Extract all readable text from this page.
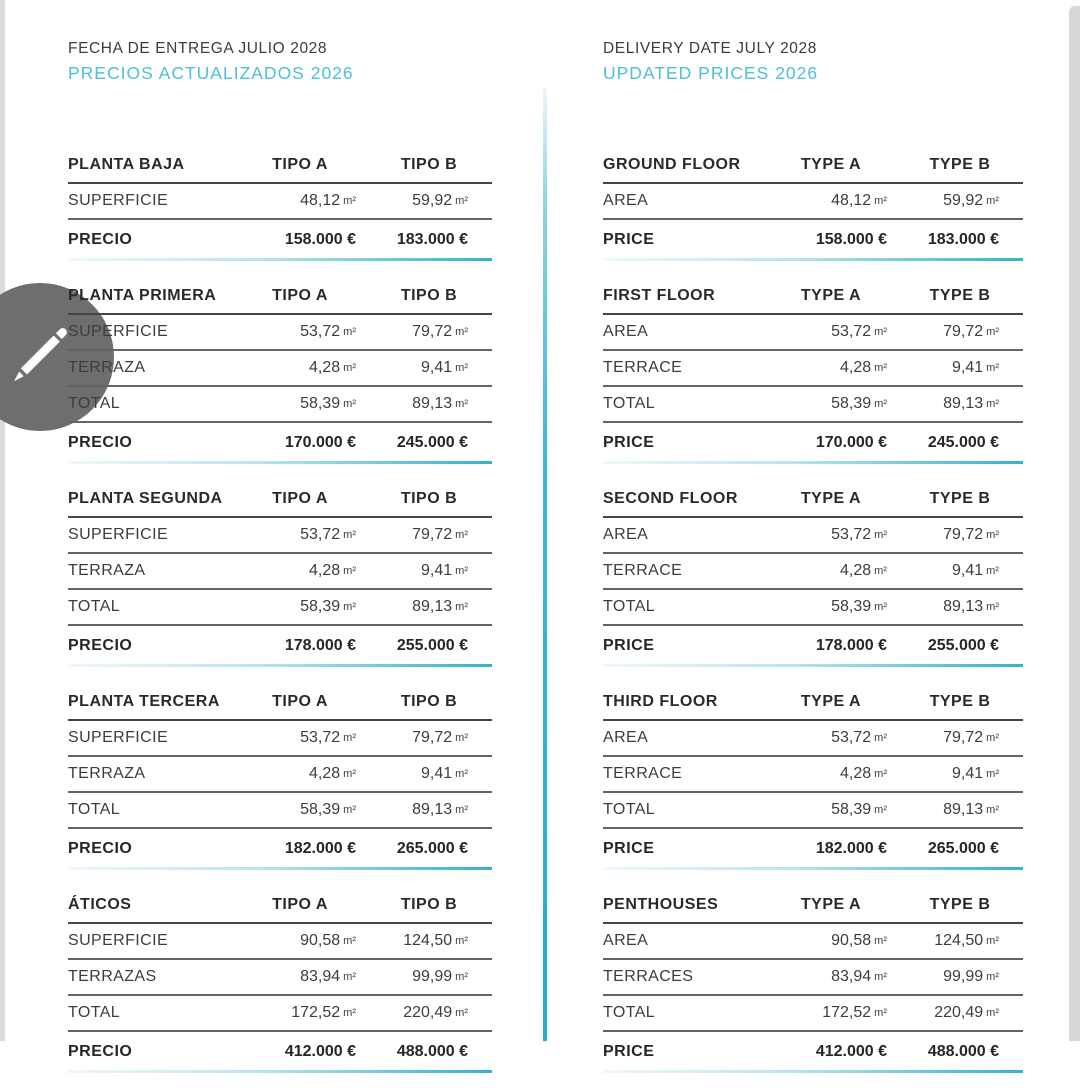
FECHA DE ENTREGA JULIO 2028
PRECIOS ACTUALIZADOS 2026
PLANTA BAJA	TIPO A	TIPO B
SUPERFICIE	48,12 m²	59,92 m²
PRECIO	158.000 €	183.000 €
PLANTA PRIMERA	TIPO A	TIPO B
SUPERFICIE	53,72 m²	79,72 m²
TERRAZA	4,28 m²	9,41 m²
TOTAL	58,39 m²	89,13 m²
PRECIO	170.000 €	245.000 €
PLANTA SEGUNDA	TIPO A	TIPO B
SUPERFICIE	53,72 m²	79,72 m²
TERRAZA	4,28 m²	9,41 m²
TOTAL	58,39 m²	89,13 m²
PRECIO	178.000 €	255.000 €
PLANTA TERCERA	TIPO A	TIPO B
SUPERFICIE	53,72 m²	79,72 m²
TERRAZA	4,28 m²	9,41 m²
TOTAL	58,39 m²	89,13 m²
PRECIO	182.000 €	265.000 €
ÁTICOS	TIPO A	TIPO B
SUPERFICIE	90,58 m²	124,50 m²
TERRAZAS	83,94 m²	99,99 m²
TOTAL	172,52 m²	220,49 m²
PRECIO	412.000 €	488.000 €
DELIVERY DATE JULY 2028
UPDATED PRICES 2026
GROUND FLOOR	TYPE A	TYPE B
AREA	48,12 m²	59,92 m²
PRICE	158.000 €	183.000 €
FIRST FLOOR	TYPE A	TYPE B
AREA	53,72 m²	79,72 m²
TERRACE	4,28 m²	9,41 m²
TOTAL	58,39 m²	89,13 m²
PRICE	170.000 €	245.000 €
SECOND FLOOR	TYPE A	TYPE B
AREA	53,72 m²	79,72 m²
TERRACE	4,28 m²	9,41 m²
TOTAL	58,39 m²	89,13 m²
PRICE	178.000 €	255.000 €
THIRD FLOOR	TYPE A	TYPE B
AREA	53,72 m²	79,72 m²
TERRACE	4,28 m²	9,41 m²
TOTAL	58,39 m²	89,13 m²
PRICE	182.000 €	265.000 €
PENTHOUSES	TYPE A	TYPE B
AREA	90,58 m²	124,50 m²
TERRACES	83,94 m²	99,99 m²
TOTAL	172,52 m²	220,49 m²
PRICE	412.000 €	488.000 €
